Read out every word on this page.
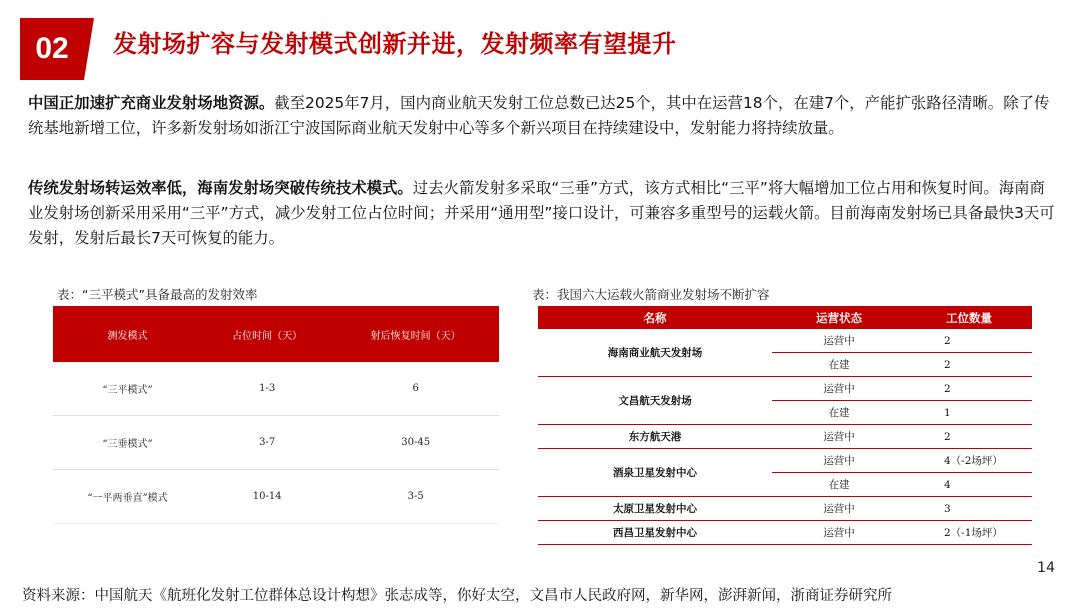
02 发射场扩容与发射模式创新并进，发射频率有望提升
中国正加速扩充商业发射场地资源。截至2025年7月，国内商业航天发射工位总数已达25个，其中在运营18个，在建7个，产能扩张路径清晰。除了传统基地新增工位，许多新发射场如浙江宁波国际商业航天发射中心等多个新兴项目在持续建设中，发射能力将持续放量。
传统发射场转运效率低，海南发射场突破传统技术模式。过去火箭发射多采取“三垂”方式，该方式相比“三平”将大幅增加工位占用和恢复时间。海南商业发射场创新采用采用“三平”方式，减少发射工位占位时间；并采用“通用型”接口设计，可兼容多重型号的运载火箭。目前海南发射场已具备最快3天可发射，发射后最长7天可恢复的能力。
表：“三平模式”具备最高的发射效率
测发模式	占位时间（天）	射后恢复时间（天）
“三平模式”	1-3	6
“三垂模式”	3-7	30-45
“一平两垂直”模式	10-14	3-5
表：我国六大运载火箭商业发射场不断扩容
名称	运营状态	工位数量
海南商业航天发射场	运营中	2
	在建	2
文昌航天发射场	运营中	2
	在建	1
东方航天港	运营中	2
酒泉卫星发射中心	运营中	4（-2场坪）
	在建	4
太原卫星发射中心	运营中	3
西昌卫星发射中心	运营中	2（-1场坪）
14
资料来源：中国航天《航班化发射工位群体总设计构想》张志成等，你好太空，文昌市人民政府网，新华网，澎湃新闻，浙商证券研究所
